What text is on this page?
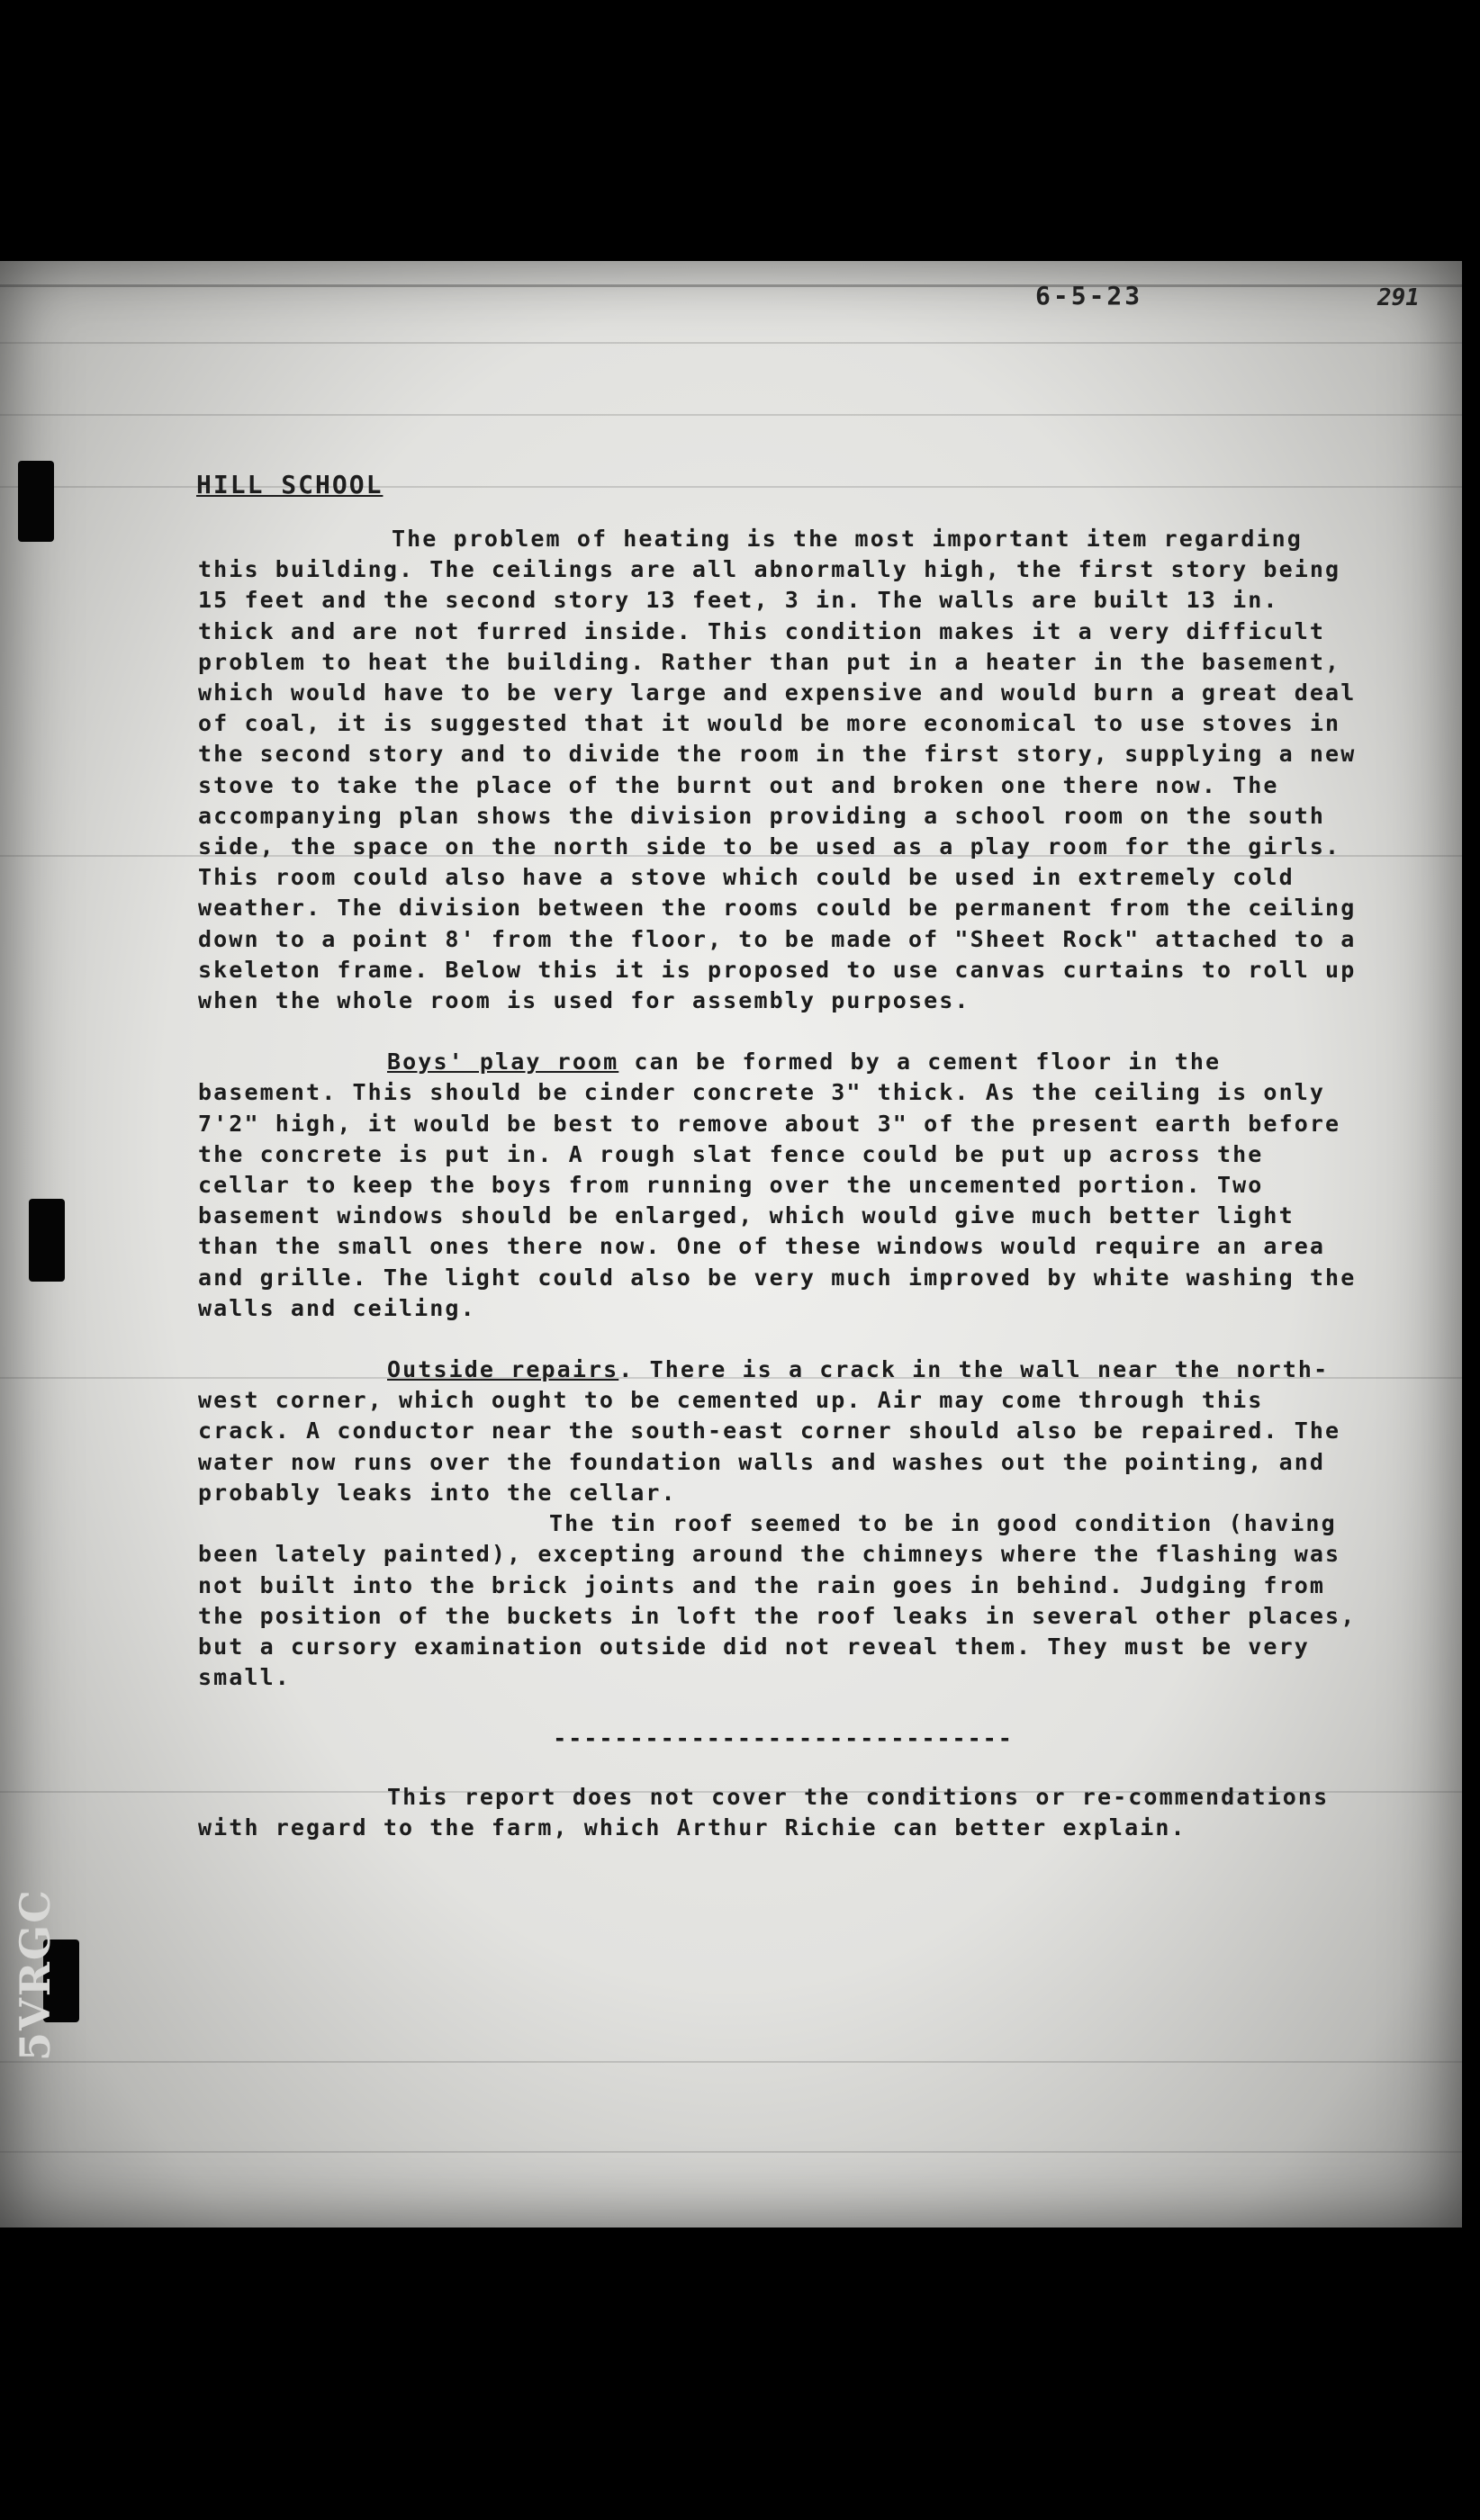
6-5-23	291
HILL SCHOOL

The problem of heating is the most important item regarding this building. The ceilings are all abnormally high, the first story being 15 feet and the second story 13 feet, 3 in. The walls are built 13 in. thick and are not furred inside. This condition makes it a very difficult problem to heat the building. Rather than put in a heater in the basement, which would have to be very large and expensive and would burn a great deal of coal, it is suggested that it would be more economical to use stoves in the second story and to divide the room in the first story, supplying a new stove to take the place of the burnt out and broken one there now. The accompanying plan shows the division providing a school room on the south side, the space on the north side to be used as a play room for the girls. This room could also have a stove which could be used in extremely cold weather. The division between the rooms could be permanent from the ceiling down to a point 8' from the floor, to be made of "Sheet Rock" attached to a skeleton frame. Below this it is proposed to use canvas curtains to roll up when the whole room is used for assembly purposes.

Boys' play room can be formed by a cement floor in the basement. This should be cinder concrete 3" thick. As the ceiling is only 7'2" high, it would be best to remove about 3" of the present earth before the concrete is put in. A rough slat fence could be put up across the cellar to keep the boys from running over the uncemented portion. Two basement windows should be enlarged, which would give much better light than the small ones there now. One of these windows would require an area and grille. The light could also be very much improved by white washing the walls and ceiling.

Outside repairs. There is a crack in the wall near the north-west corner, which ought to be cemented up. Air may come through this crack. A conductor near the south-east corner should also be repaired. The water now runs over the foundation walls and washes out the pointing, and probably leaks into the cellar.

The tin roof seemed to be in good condition (having been lately painted), excepting around the chimneys where the flashing was not built into the brick joints and the rain goes in behind. Judging from the position of the buckets in loft the roof leaks in several other places, but a cursory examination outside did not reveal them. They must be very small.

------------------------------

This report does not cover the conditions or re-commendations with regard to the farm, which Arthur Richie can better explain.

5VRGC
